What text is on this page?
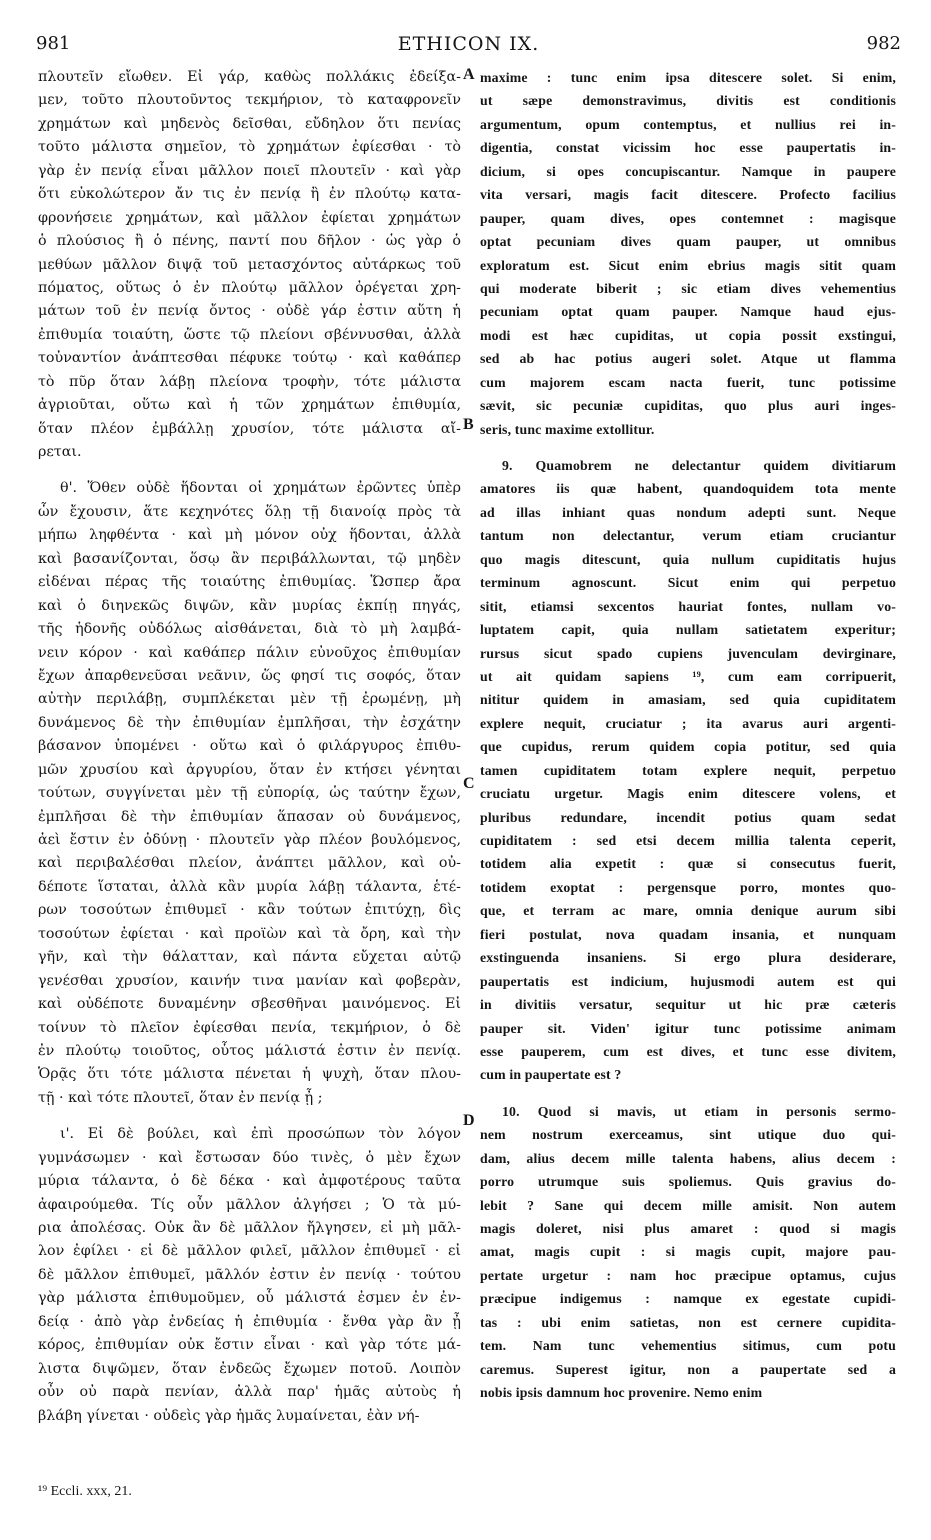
981	ETHICON IX.	982
πλουτεῖν εἴωθεν. Εἰ γάρ, καθὼς πολλάκις ἐδείξα-
μεν, τοῦτο πλουτοῦντος τεκμήριον, τὸ καταφρονεῖν
χρημάτων καὶ μηδενὸς δεῖσθαι, εὔδηλον ὅτι πενίας
τοῦτο μάλιστα σημεῖον, τὸ χρημάτων ἐφίεσθαι · τὸ
γὰρ ἐν πενίᾳ εἶναι μᾶλλον ποιεῖ πλουτεῖν · καὶ γὰρ
ὅτι εὐκολώτερον ἄν τις ἐν πενίᾳ ἢ ἐν πλούτῳ κατα-
φρονήσειε χρημάτων, καὶ μᾶλλον ἐφίεται χρημάτων
ὁ πλούσιος ἢ ὁ πένης, παντί που δῆλον · ὡς γὰρ ὁ
μεθύων μᾶλλον διψᾷ τοῦ μετασχόντος αὐτάρκως τοῦ
πόματος, οὕτως ὁ ἐν πλούτῳ μᾶλλον ὀρέγεται χρη-
μάτων τοῦ ἐν πενίᾳ ὄντος · οὐδὲ γάρ ἐστιν αὕτη ἡ
ἐπιθυμία τοιαύτη, ὥστε τῷ πλείονι σβέννυσθαι, ἀλλὰ
τοὐναντίον ἀνάπτεσθαι πέφυκε τούτῳ · καὶ καθάπερ
τὸ πῦρ ὅταν λάβῃ πλείονα τροφὴν, τότε μάλιστα
ἀγριοῦται, οὕτω καὶ ἡ τῶν χρημάτων ἐπιθυμία,
ὅταν πλέον ἐμβάλλῃ χρυσίον, τότε μάλιστα αἴ-
ρεται.
θ'. Ὅθεν οὐδὲ ἥδονται οἱ χρημάτων ἐρῶντες ὑπὲρ
ὧν ἔχουσιν, ἅτε κεχηνότες ὅλῃ τῇ διανοίᾳ πρὸς τὰ
μήπω ληφθέντα · καὶ μὴ μόνον οὐχ ἥδονται, ἀλλὰ
καὶ βασανίζονται, ὅσῳ ἂν περιβάλλωνται, τῷ μηδὲν
εἰδέναι πέρας τῆς τοιαύτης ἐπιθυμίας. Ὥσπερ ἄρα
καὶ ὁ διηνεκῶς διψῶν, κἂν μυρίας ἐκπίῃ πηγάς,
τῆς ἡδονῆς οὐδόλως αἰσθάνεται, διὰ τὸ μὴ λαμβά-
νειν κόρον · καὶ καθάπερ πάλιν εὐνοῦχος ἐπιθυμίαν
ἔχων ἀπαρθενεῦσαι νεᾶνιν, ὥς φησί τις σοφός, ὅταν
αὐτὴν περιλάβῃ, συμπλέκεται μὲν τῇ ἐρωμένῃ, μὴ
δυνάμενος δὲ τὴν ἐπιθυμίαν ἐμπλῆσαι, τὴν ἐσχάτην
βάσανον ὑπομένει · οὕτω καὶ ὁ φιλάργυρος ἐπιθυ-
μῶν χρυσίου καὶ ἀργυρίου, ὅταν ἐν κτήσει γένηται
τούτων, συγγίνεται μὲν τῇ εὐπορίᾳ, ὡς ταύτην ἔχων,
ἐμπλῆσαι δὲ τὴν ἐπιθυμίαν ἅπασαν οὐ δυνάμενος,
ἀεὶ ἔστιν ἐν ὀδύνῃ · πλουτεῖν γὰρ πλέον βουλόμενος,
καὶ περιβαλέσθαι πλείον, ἀνάπτει μᾶλλον, καὶ οὐ-
δέποτε ἵσταται, ἀλλὰ κἂν μυρία λάβῃ τάλαντα, ἑτέ-
ρων τοσούτων ἐπιθυμεῖ · κἂν τούτων ἐπιτύχῃ, δὶς
τοσούτων ἐφίεται · καὶ προϊὼν καὶ τὰ ὄρη, καὶ τὴν
γῆν, καὶ τὴν θάλατταν, καὶ πάντα εὔχεται αὐτῷ
γενέσθαι χρυσίον, καινήν τινα μανίαν καὶ φοβερὰν,
καὶ οὐδέποτε δυναμένην σβεσθῆναι μαινόμενος. Εἰ
τοίνυν τὸ πλεῖον ἐφίεσθαι πενία, τεκμήριον, ὁ δὲ
ἐν πλούτῳ τοιοῦτος, οὗτος μάλιστά ἐστιν ἐν πενίᾳ.
Ὁρᾷς ὅτι τότε μάλιστα πένεται ἡ ψυχὴ, ὅταν πλου-
τῇ · καὶ τότε πλουτεῖ, ὅταν ἐν πενίᾳ ᾖ ;
ι'. Εἰ δὲ βούλει, καὶ ἐπὶ προσώπων τὸν λόγον
γυμνάσωμεν · καὶ ἔστωσαν δύο τινὲς, ὁ μὲν ἔχων
μύρια τάλαντα, ὁ δὲ δέκα · καὶ ἀμφοτέρους ταῦτα
ἀφαιρούμεθα. Τίς οὖν μᾶλλον ἀλγήσει ; Ὁ τὰ μύ-
ρια ἀπολέσας. Οὐκ ἂν δὲ μᾶλλον ἤλγησεν, εἰ μὴ μᾶλ-
λον ἐφίλει · εἰ δὲ μᾶλλον φιλεῖ, μᾶλλον ἐπιθυμεῖ · εἰ
δὲ μᾶλλον ἐπιθυμεῖ, μᾶλλόν ἐστιν ἐν πενίᾳ · τούτου
γὰρ μάλιστα ἐπιθυμοῦμεν, οὗ μάλιστά ἐσμεν ἐν ἐν-
δείᾳ · ἀπὸ γὰρ ἐνδείας ἡ ἐπιθυμία · ἔνθα γὰρ ἂν ᾖ
κόρος, ἐπιθυμίαν οὐκ ἔστιν εἶναι · καὶ γὰρ τότε μά-
λιστα διψῶμεν, ὅταν ἐνδεῶς ἔχωμεν ποτοῦ. Λοιπὸν
οὖν οὐ παρὰ πενίαν, ἀλλὰ παρ' ἡμᾶς αὐτοὺς ἡ
βλάβη γίνεται · οὐδεὶς γὰρ ἡμᾶς λυμαίνεται, ἐὰν νή-
maxime : tunc enim ipsa ditescere solet. Si enim,
ut sæpe demonstravimus, divitis est conditionis
argumentum, opum contemptus, et nullius rei in-
digentia, constat vicissim hoc esse paupertatis in-
dicium, si opes concupiscantur. Namque in paupere
vita versari, magis facit ditescere. Profecto facilius
pauper, quam dives, opes contemnet : magisque
optat pecuniam dives quam pauper, ut omnibus
exploratum est. Sicut enim ebrius magis sitit quam
qui moderate biberit ; sic etiam dives vehementius
pecuniam optat quam pauper. Namque haud ejus-
modi est hæc cupiditas, ut copia possit exstingui,
sed ab hac potius augeri solet. Atque ut flamma
cum majorem escam nacta fuerit, tunc potissime
sævit, sic pecuniæ cupiditas, quo plus auri inges-
seris, tunc maxime extollitur.
9. Quamobrem ne delectantur quidem divitiarum
amatores iis quæ habent, quandoquidem tota mente
ad illas inhiant quas nondum adepti sunt. Neque
tantum non delectantur, verum etiam cruciantur
quo magis ditescunt, quia nullum cupiditatis hujus
terminum agnoscunt. Sicut enim qui perpetuo
sitit, etiamsi sexcentos hauriat fontes, nullam vo-
luptatem capit, quia nullam satietatem experitur;
rursus sicut spado cupiens juvenculam devirginare,
ut ait quidam sapiens ¹⁹, cum eam corripuerit,
nititur quidem in amasiam, sed quia cupiditatem
explere nequit, cruciatur ; ita avarus auri argenti-
que cupidus, rerum quidem copia potitur, sed quia
tamen cupiditatem totam explere nequit, perpetuo
cruciatu urgetur. Magis enim ditescere volens, et
pluribus redundare, incendit potius quam sedat
cupiditatem : sed etsi decem millia talenta ceperit,
totidem alia expetit : quæ si consecutus fuerit,
totidem exoptat : pergensque porro, montes quo-
que, et terram ac mare, omnia denique aurum sibi
fieri postulat, nova quadam insania, et nunquam
exstinguenda insaniens. Si ergo plura desiderare,
paupertatis est indicium, hujusmodi autem est qui
in divitiis versatur, sequitur ut hic præ cæteris
pauper sit. Viden' igitur tunc potissime animam
esse pauperem, cum est dives, et tunc esse divitem,
cum in paupertate est ?
10. Quod si mavis, ut etiam in personis sermo-
nem nostrum exerceamus, sint utique duo qui-
dam, alius decem mille talenta habens, alius decem :
porro utrumque suis spoliemus. Quis gravius do-
lebit ? Sane qui decem mille amisit. Non autem
magis doleret, nisi plus amaret : quod si magis
amat, magis cupit : si magis cupit, majore pau-
pertate urgetur : nam hoc præcipue optamus, cujus
præcipue indigemus : namque ex egestate cupidi-
tas : ubi enim satietas, non est cernere cupidita-
tem. Nam tunc vehementius sitimus, cum potu
caremus. Superest igitur, non a paupertate sed a
nobis ipsis damnum hoc provenire. Nemo enim
A
B
C
D
¹⁹ Eccli. xxx, 21.
